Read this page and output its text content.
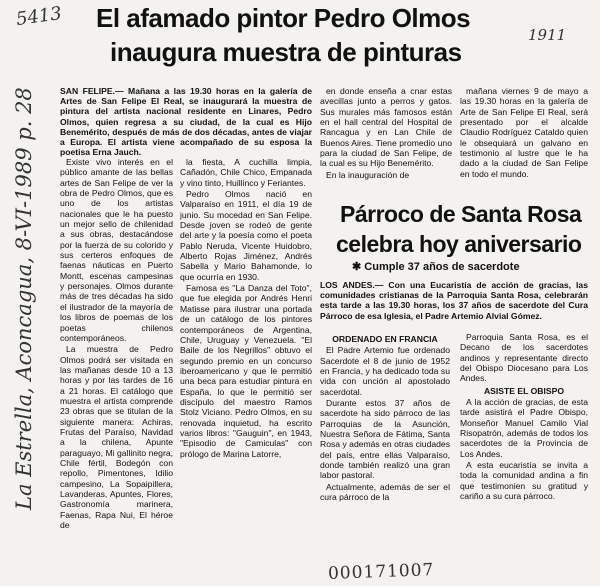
5413
1911
La Estrella, Aconcagua, 8-VI-1989 p. 28
000171007
El afamado pintor Pedro Olmos
inaugura muestra de pinturas
SAN FELIPE.— Mañana a las 19.30 horas en la galería de Artes de San Felipe El Real, se inaugurará la muestra de pintura del artista nacional residente en Linares, Pedro Olmos, quien regresa a su ciudad, de la cual es Hijo Benemérito, después de más de dos décadas, antes de viajar a Europa. El artista viene acompañado de su esposa la poetisa Erna Jauch.

Existe vivo interés en el público amante de las bellas artes de San Felipe de ver la obra de Pedro Olmos, que es uno de los artistas nacionales que le ha puesto un mejor sello de chilenidad a sus obras, destacándose por la fuerza de su colorido y sus certeros enfoques de faenas náuticas en Puerto Montt, escenas campesinas y personajes. Olmos durante más de tres décadas ha sido el ilustrador de la mayoría de los libros de poemas de los poetas chilenos contemporáneos.

La muestra de Pedro Olmos podrá ser visitada en las mañanas desde 10 a 13 horas y por las tardes de 16 a 21 horas. El catálogo que muestra el artista comprende 23 obras que se titulan de la siguiente manera: Achiras, Frutas del Paraíso, Navidad a la chilena, Apunte paraguayo, Mi gallinito negra, Chile fértil, Bodegón con repollo, Pimentones, Idilio campesino, La Sopaipillera, Lavanderas, Apuntes, Flores, Gastronomía marinera, Faenas, Rapa Nui, El héroe de

la fiesta, A cuchilla limpia, Cañadón, Chile Chico, Empanada y vino tinto, Huillinco y Feriantes.

Pedro Olmos nació en Valparaíso en 1911, el día 19 de junio. Su mocedad en San Felipe. Desde joven se rodeó de gente del arte y la poesía como el poeta Pablo Neruda, Vicente Huidobro, Alberto Rojas Jiménez, Andrés Sabella y Mario Bahamonde, lo que ocurría en 1930.

Famosa es "La Danza del Toto", que fue elegida por Andrés Henri Matisse para ilustrar una portada de un catálogo de los pintores contemporáneos de Argentina, Chile, Uruguay y Venezuela. "El Baile de los Negrillos" obtuvo el segundo premio en un concurso iberoamericano y que le permitió una beca para estudiar pintura en España, lo que le permitió ser discípulo del maestro Ramos Stolz Viciano. Pedro Olmos, en su renovada inquietud, ha escrito varios libros: "Gauguin", en 1943, "Episodio de Camiculas" con prólogo de Marina Latorre,

en donde enseña a cnar estas avecillas junto a perros y gatos. Sus murales más famosos están en el hall central del Hospital de Rancagua y en Lan Chile de Buenos Aires. Tiene promedio uno para la ciudad de San Felipe, de la cual es su Hijo Benemérito.

En la inauguración de

mañana viernes 9 de mayo a las 19.30 horas en la galería de Arte de San Felipe El Real, será presentado por el alcalde Claudio Rodríguez Cataldo quien le obsequiará un galvano en testimonio al lustre que le ha dado a la ciudad de San Felipe en todo el mundo.

Párroco de Santa Rosa
celebra hoy aniversario
✱ Cumple 37 años de sacerdote
LOS ANDES.— Con una Eucaristía de acción de gracias, las comunidades cristianas de la Parroquia Santa Rosa, celebrarán esta tarde a las 19.30 horas, los 37 años de sacerdote del Cura Párroco de esa Iglesia, el Padre Artemio Alvial Gómez.
ORDENADO EN FRANCIA

El Padre Artemio fue ordenado Sacerdote el 8 de junio de 1952 en Francia, y ha dedicado toda su vida con unción al apostolado sacerdotal.

Durante estos 37 años de sacerdote ha sido párroco de las Parroquias de la Asunción, Nuestra Señora de Fátima, Santa Rosa y además en otras ciudades del país, entre ellas Valparaíso, donde también realizó una gran labor pastoral.

Actualmente, además de ser el cura párroco de la

Parroquia Santa Rosa, es el Decano de los sacerdotes andinos y representante directo del Obispo Diocesano para Los Andes.

ASISTE EL OBISPO

A la acción de gracias, de esta tarde asistirá el Padre Obispo, Monseñor Manuel Camilo Vial Risopatrón, además de todos los sacerdotes de la Provincia de Los Andes.

A esta eucaristía se invita a toda la comunidad andina a fin que testimonien su gratitud y cariño a su cura párroco.
